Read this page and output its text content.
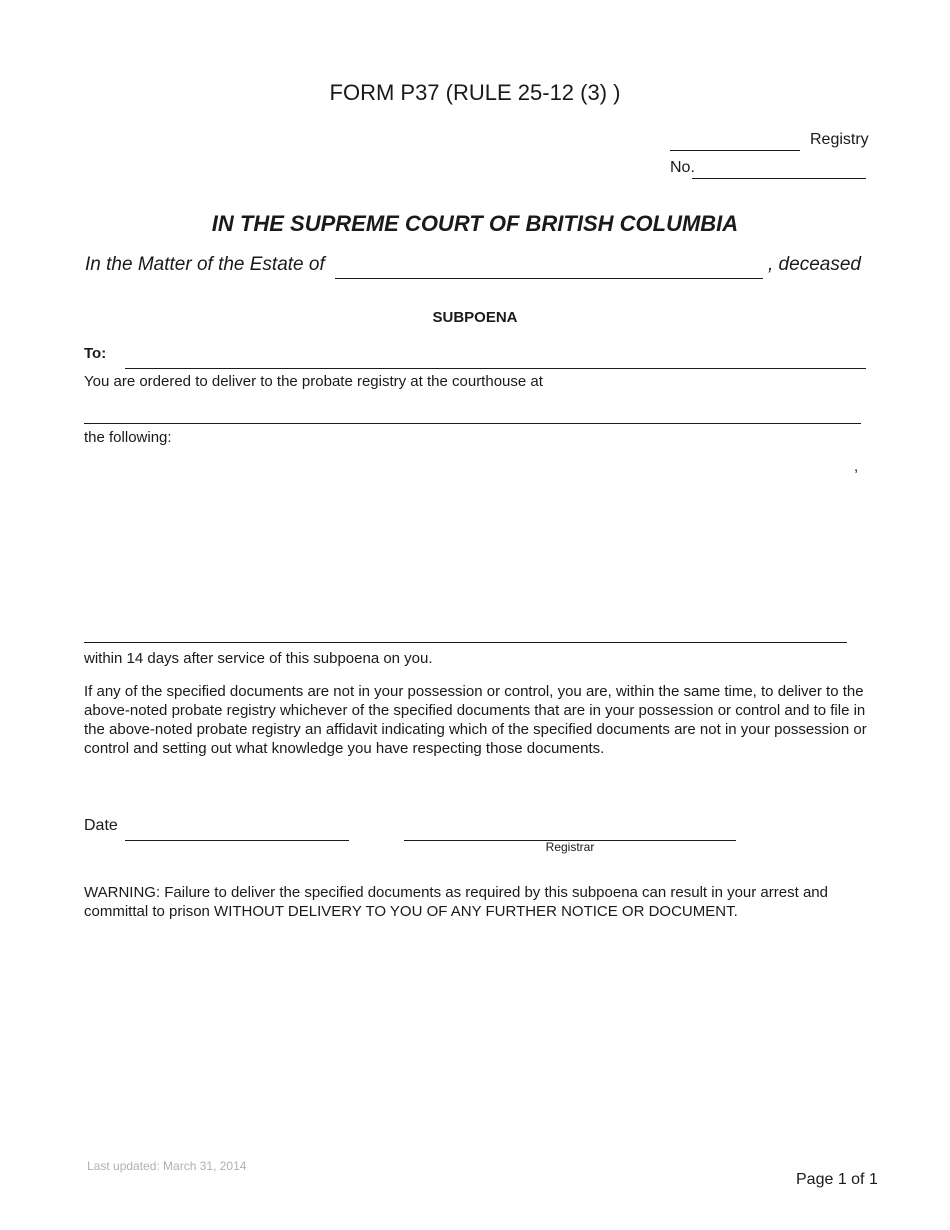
FORM P37 (RULE 25-12 (3) )
Registry
No.
IN THE SUPREME COURT OF BRITISH COLUMBIA
In the Matter of the Estate of	, deceased
SUBPOENA
To:
You are ordered to deliver to the probate registry at the courthouse at
the following:
,
within 14 days after service of this subpoena on you.
If any of the specified documents are not in your possession or control, you are, within the same time, to deliver to the above-noted probate registry whichever of the specified documents that are in your possession or control and to file in the above-noted probate registry an affidavit indicating which of the specified documents are not in your possession or control and setting out what knowledge you have respecting those documents.
Date
Registrar
WARNING: Failure to deliver the specified documents as required by this subpoena can result in your arrest and committal to prison WITHOUT DELIVERY TO YOU OF ANY FURTHER NOTICE OR DOCUMENT.
Last updated: March 31, 2014
Page 1 of 1
